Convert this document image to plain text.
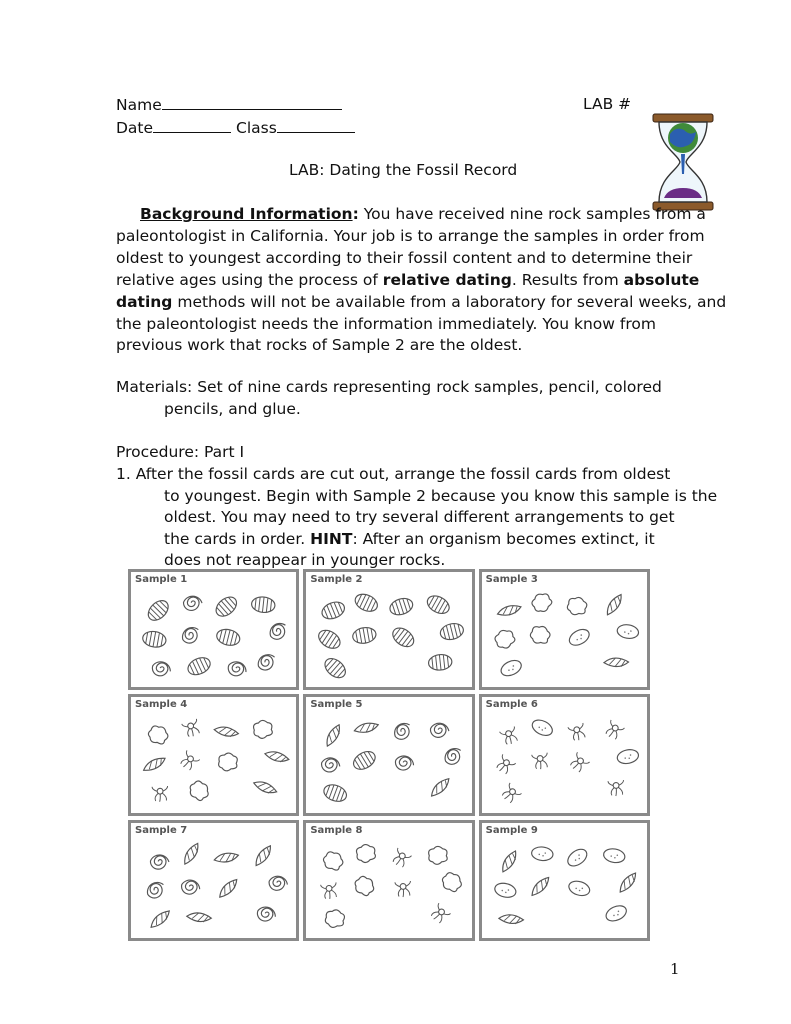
Name	LAB #
Date	Class
LAB: Dating the Fossil Record
Background Information: You have received nine rock samples from a
paleontologist in California. Your job is to arrange the samples in order from
oldest to youngest according to their fossil content and to determine their
relative ages using the process of relative dating. Results from absolute
dating methods will not be available from a laboratory for several weeks, and
the paleontologist needs the information immediately. You know from
previous work that rocks of Sample 2 are the oldest.
Materials: Set of nine cards representing rock samples, pencil, colored
pencils, and glue.
Procedure: Part I
1. After the fossil cards are cut out, arrange the fossil cards from oldest
to youngest. Begin with Sample 2 because you know this sample is the
oldest. You may need to try several different arrangements to get
the cards in order. HINT: After an organism becomes extinct, it
does not reappear in younger rocks.
Sample 1	Sample 2	Sample 3
Sample 4	Sample 5	Sample 6
Sample 7	Sample 8	Sample 9
1
